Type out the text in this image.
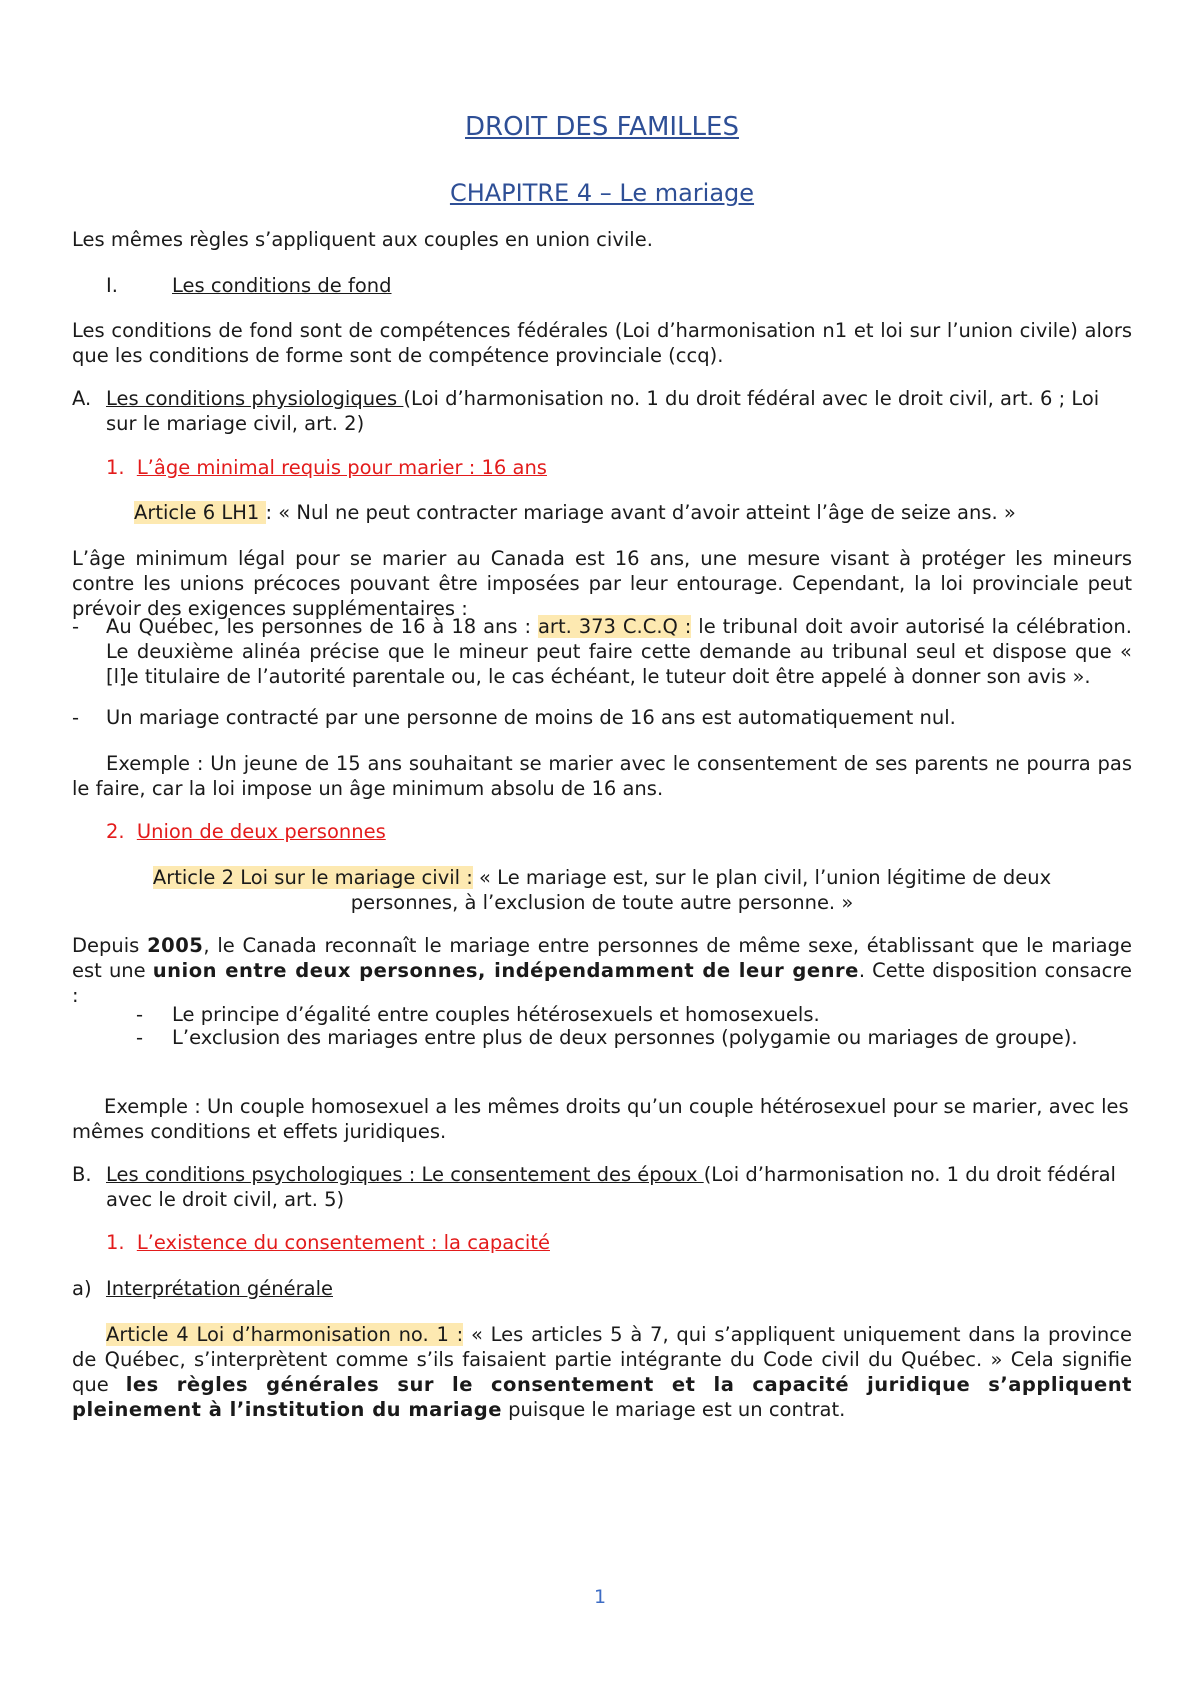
DROIT DES FAMILLES
CHAPITRE 4 – Le mariage
Les mêmes règles s’appliquent aux couples en union civile.
I.	Les conditions de fond
Les conditions de fond sont de compétences fédérales (Loi d’harmonisation n1 et loi sur l’union civile) alors que les conditions de forme sont de compétence provinciale (ccq).
A. Les conditions physiologiques (Loi d’harmonisation no. 1 du droit fédéral avec le droit civil, art. 6 ; Loi sur le mariage civil, art. 2)
1. L’âge minimal requis pour marier : 16 ans
Article 6 LH1 : « Nul ne peut contracter mariage avant d’avoir atteint l’âge de seize ans. »
L’âge minimum légal pour se marier au Canada est 16 ans, une mesure visant à protéger les mineurs contre les unions précoces pouvant être imposées par leur entourage. Cependant, la loi provinciale peut prévoir des exigences supplémentaires :
- Au Québec, les personnes de 16 à 18 ans : art. 373 C.C.Q : le tribunal doit avoir autorisé la célébration. Le deuxième alinéa précise que le mineur peut faire cette demande au tribunal seul et dispose que « [l]e titulaire de l’autorité parentale ou, le cas échéant, le tuteur doit être appelé à donner son avis ».
- Un mariage contracté par une personne de moins de 16 ans est automatiquement nul.
Exemple : Un jeune de 15 ans souhaitant se marier avec le consentement de ses parents ne pourra pas le faire, car la loi impose un âge minimum absolu de 16 ans.
2. Union de deux personnes
Article 2 Loi sur le mariage civil : « Le mariage est, sur le plan civil, l’union légitime de deux
personnes, à l’exclusion de toute autre personne. »
Depuis 2005, le Canada reconnaît le mariage entre personnes de même sexe, établissant que le mariage est une union entre deux personnes, indépendamment de leur genre. Cette disposition consacre :
- Le principe d’égalité entre couples hétérosexuels et homosexuels.
- L’exclusion des mariages entre plus de deux personnes (polygamie ou mariages de groupe).
Exemple : Un couple homosexuel a les mêmes droits qu’un couple hétérosexuel pour se marier, avec les mêmes conditions et effets juridiques.
B. Les conditions psychologiques : Le consentement des époux (Loi d’harmonisation no. 1 du droit fédéral avec le droit civil, art. 5)
1. L’existence du consentement : la capacité
a) Interprétation générale
Article 4 Loi d’harmonisation no. 1 : « Les articles 5 à 7, qui s’appliquent uniquement dans la province de Québec, s’interprètent comme s’ils faisaient partie intégrante du Code civil du Québec. » Cela signifie que les règles générales sur le consentement et la capacité juridique s’appliquent pleinement à l’institution du mariage puisque le mariage est un contrat.
1
